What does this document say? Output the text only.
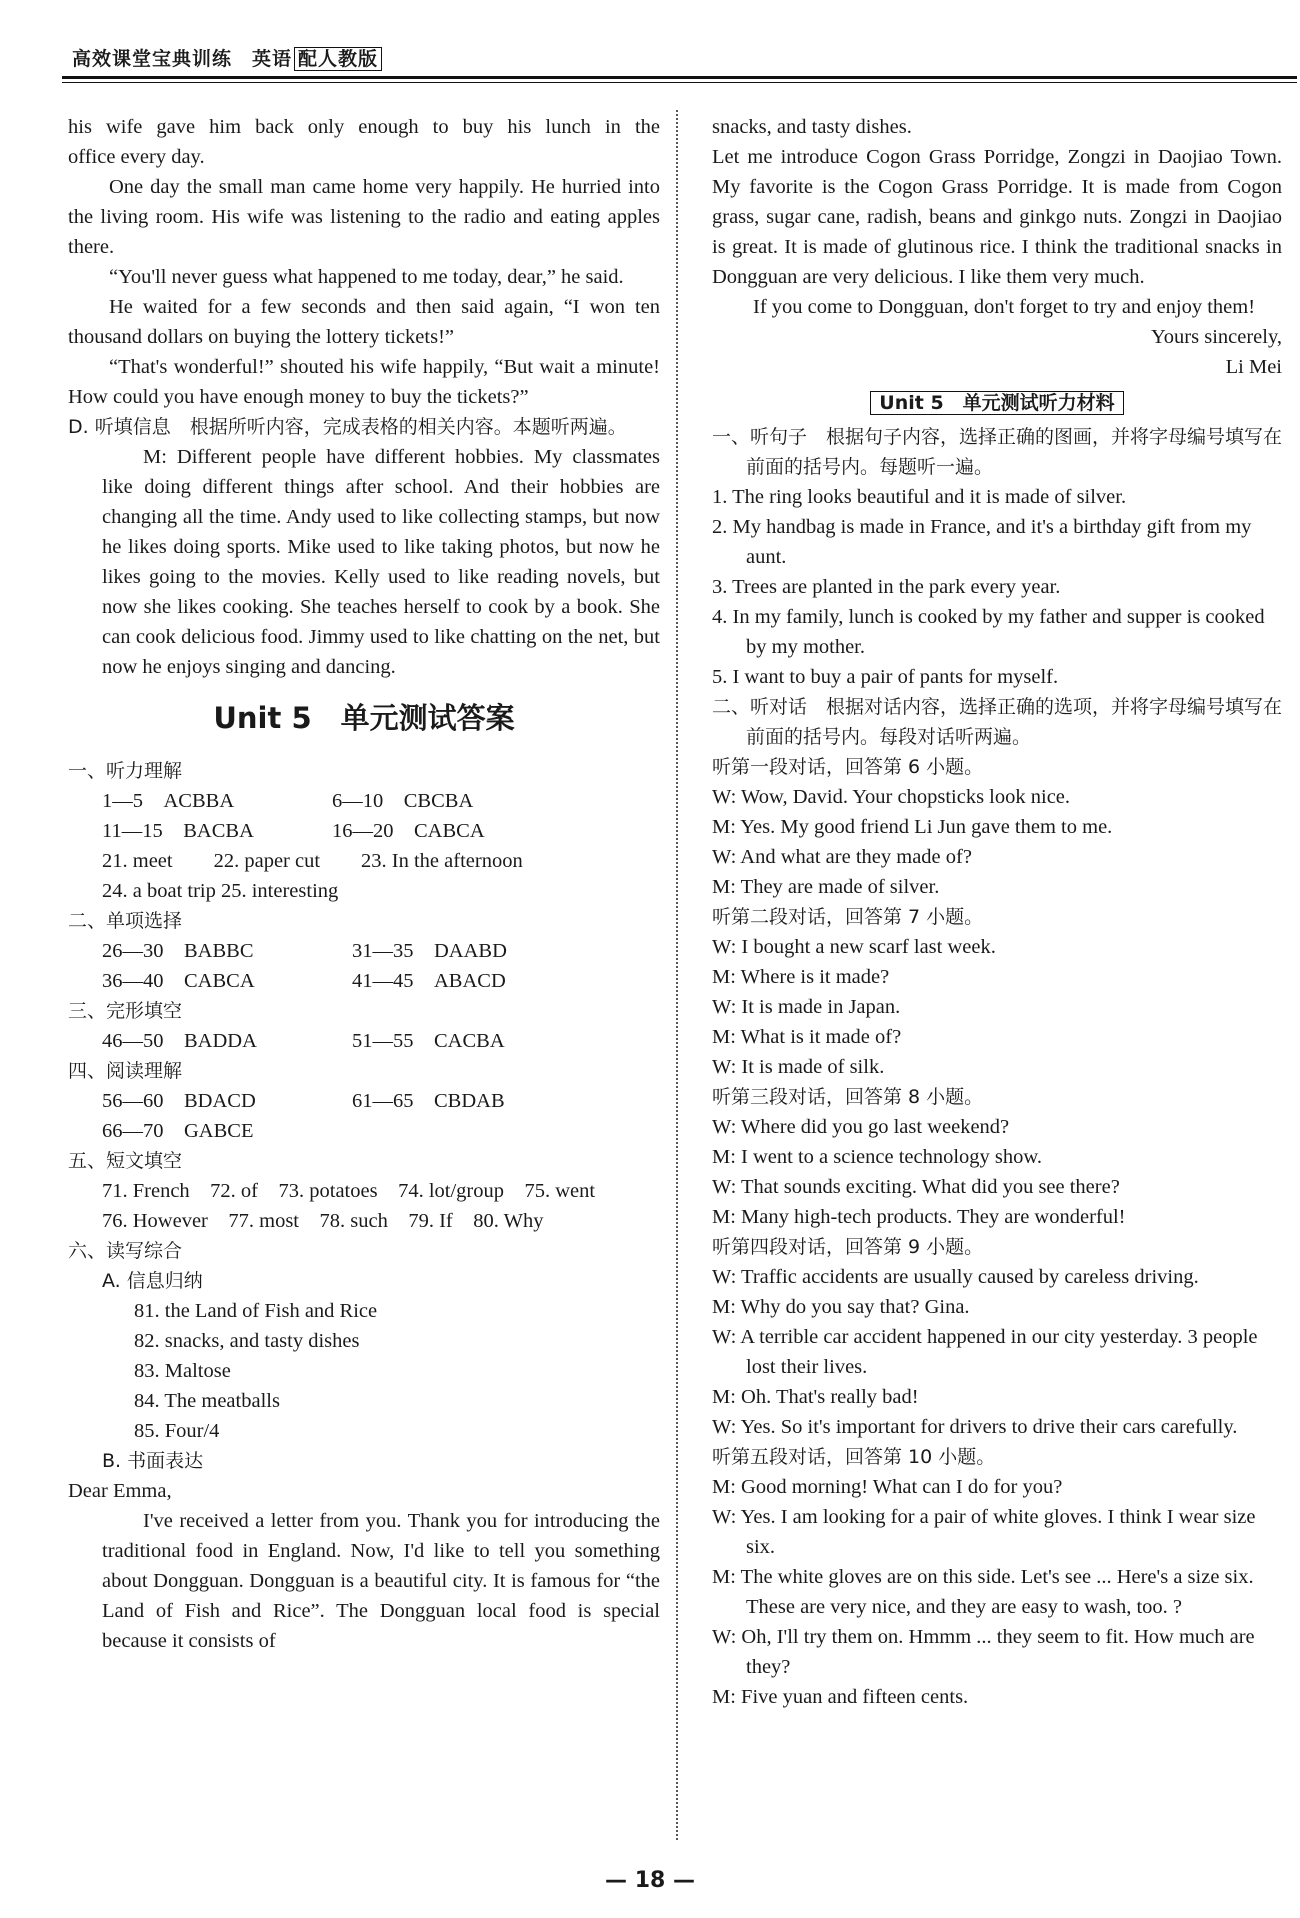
高效课堂宝典训练　英语 配人教版

his wife gave him back only enough to buy his lunch in the

office every day.

One day the small man came home very happily. He hurried into the living room. His wife was listening to the radio and eating apples there.

“You'll never guess what happened to me today, dear,” he said.

He waited for a few seconds and then said again, “I won ten thousand dollars on buying the lottery tickets!”

“That's wonderful!” shouted his wife happily, “But wait a minute! How could you have enough money to buy the tickets?”

D. 听填信息　根据所听内容，完成表格的相关内容。本题听两遍。

M: Different people have different hobbies. My classmates like doing different things after school. And their hobbies are changing all the time. Andy used to like collecting stamps, but now he likes doing sports. Mike used to like taking photos, but now he likes going to the movies. Kelly used to like reading novels, but now she likes cooking. She teaches herself to cook by a book. She can cook delicious food. Jimmy used to like chatting on the net, but now he enjoys singing and dancing.

Unit 5　单元测试答案

一、听力理解

1—5　ACBBA	6—10　CBCBA
11—15　BACBA	16—20　CABCA

21. meet　　22. paper cut　　23. In the afternoon

24. a boat trip 25. interesting

二、单项选择

26—30　BABBC	31—35　DAABD
36—40　CABCA	41—45　ABACD

三、完形填空

46—50　BADDA	51—55　CACBA

四、阅读理解

56—60　BDACD	61—65　CBDAB
66—70　GABCE

五、短文填空

71. French　72. of　73. potatoes　74. lot/group　75. went

76. However　77. most　78. such　79. If　80. Why

六、读写综合

A. 信息归纳

81. the Land of Fish and Rice

82. snacks, and tasty dishes

83. Maltose

84. The meatballs

85. Four/4

B. 书面表达

Dear Emma,

I've received a letter from you. Thank you for introducing the traditional food in England. Now, I'd like to tell you something about Dongguan. Dongguan is a beautiful city. It is famous for “the Land of Fish and Rice”. The Dongguan local food is special because it consists of

snacks, and tasty dishes.

Let me introduce Cogon Grass Porridge, Zongzi in Daojiao Town. My favorite is the Cogon Grass Porridge. It is made from Cogon grass, sugar cane, radish, beans and ginkgo nuts. Zongzi in Daojiao is great. It is made of glutinous rice. I think the traditional snacks in Dongguan are very delicious. I like them very much.

If you come to Dongguan, don't forget to try and enjoy them!

Yours sincerely,

Li Mei

Unit 5　单元测试听力材料

一、听句子　根据句子内容，选择正确的图画，并将字母编号填写在前面的括号内。每题听一遍。

1. The ring looks beautiful and it is made of silver.

2. My handbag is made in France, and it's a birthday gift from my aunt.

3. Trees are planted in the park every year.

4. In my family, lunch is cooked by my father and supper is cooked by my mother.

5. I want to buy a pair of pants for myself.

二、听对话　根据对话内容，选择正确的选项，并将字母编号填写在前面的括号内。每段对话听两遍。

听第一段对话，回答第 6 小题。

W: Wow, David. Your chopsticks look nice.

M: Yes. My good friend Li Jun gave them to me.

W: And what are they made of?

M: They are made of silver.

听第二段对话，回答第 7 小题。

W: I bought a new scarf last week.

M: Where is it made?

W: It is made in Japan.

M: What is it made of?

W: It is made of silk.

听第三段对话，回答第 8 小题。

W: Where did you go last weekend?

M: I went to a science technology show.

W: That sounds exciting. What did you see there?

M: Many high-tech products. They are wonderful!

听第四段对话，回答第 9 小题。

W: Traffic accidents are usually caused by careless driving.

M: Why do you say that? Gina.

W: A terrible car accident happened in our city yesterday. 3 people lost their lives.

M: Oh. That's really bad!

W: Yes. So it's important for drivers to drive their cars carefully.

听第五段对话，回答第 10 小题。

M: Good morning! What can I do for you?

W: Yes. I am looking for a pair of white gloves. I think I wear size six.

M: The white gloves are on this side. Let's see ... Here's a size six. These are very nice, and they are easy to wash, too. ?

W: Oh, I'll try them on. Hmmm ... they seem to fit. How much are they?

M: Five yuan and fifteen cents.

— 18 —
